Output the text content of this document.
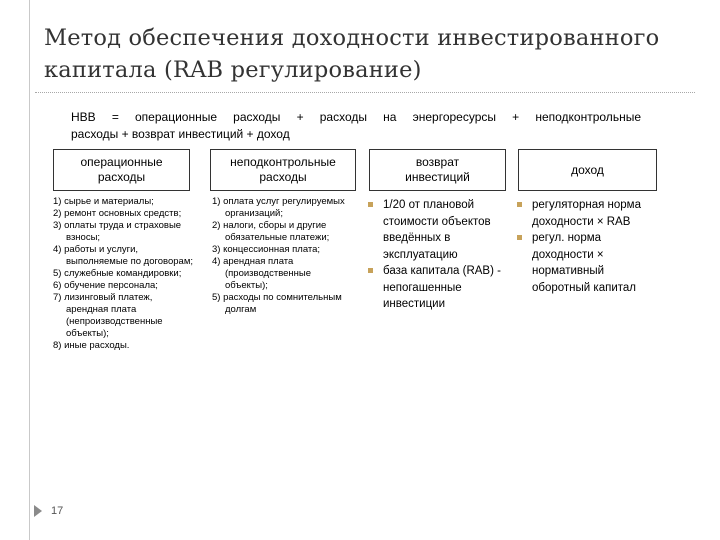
Метод обеспечения доходности инвестированного
капитала (RAB регулирование)
НВВ = операционные расходы + расходы на энергоресурсы + неподконтрольные
расходы + возврат инвестиций + доход
операционные
расходы
1) сырье и материалы;
2) ремонт основных средств;
3) оплаты труда и страховые взносы;
4) работы и услуги, выполняемые по договорам;
5) служебные командировки;
6) обучение персонала;
7) лизинговый платеж, арендная плата (непроизводственные объекты);
8) иные расходы.
неподконтрольные
расходы
1) оплата услуг регулируемых организаций;
2) налоги, сборы и другие обязательные платежи;
3) концессионная плата;
4) арендная плата (производственные объекты);
5) расходы по сомнительным долгам
возврат
инвестиций
1/20 от плановой стоимости объектов введённых в эксплуатацию
база капитала (RAB) - непогашенные инвестиции
доход
регуляторная норма доходности × RAB
регул. норма доходности × нормативный оборотный капитал
17
